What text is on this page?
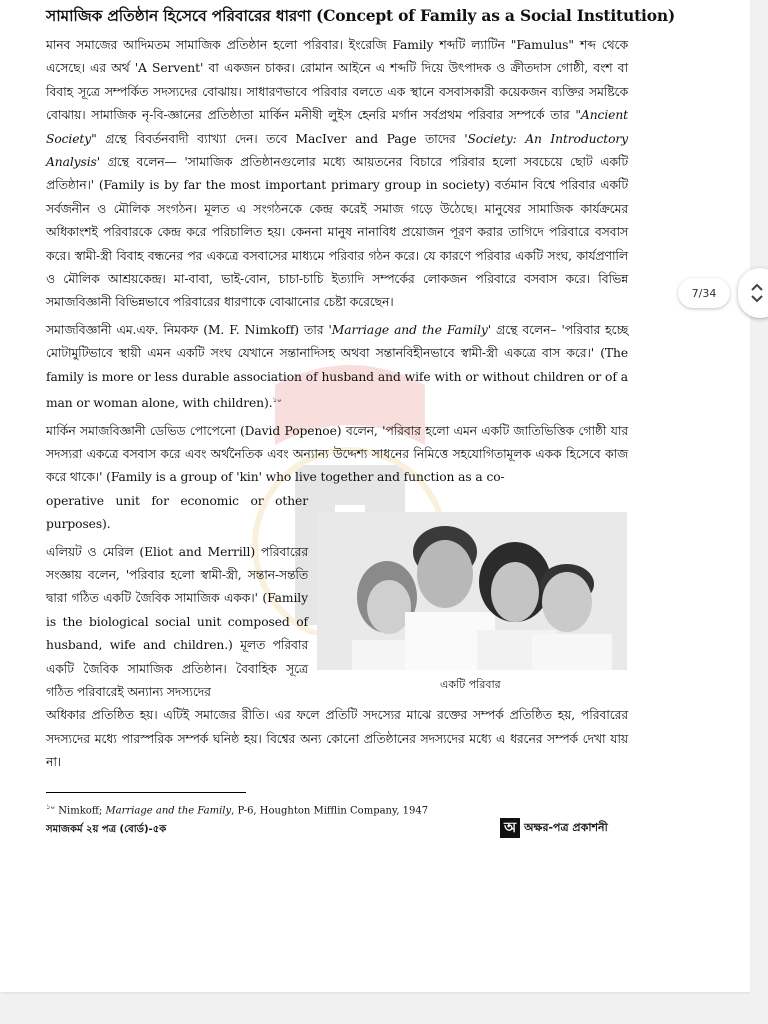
সামাজিক প্রতিষ্ঠান হিসেবে পরিবারের ধারণা (Concept of Family as a Social Institution)

মানব সমাজের আদিমতম সামাজিক প্রতিষ্ঠান হলো পরিবার। ইংরেজি Family শব্দটি ল্যাটিন "Famulus" শব্দ থেকে এসেছে। এর অর্থ 'A Servent' বা একজন চাকর। রোমান আইনে এ শব্দটি দিয়ে উৎপাদক ও ক্রীতদাস গোষ্ঠী, বংশ বা বিবাহ সূত্রে সম্পর্কিত সদস্যদের বোঝায়। সাধারণভাবে পরিবার বলতে এক স্থানে বসবাসকারী কয়েকজন ব্যক্তির সমষ্টিকে বোঝায়। সামাজিক নৃ-বি-জ্ঞানের প্রতিষ্ঠাতা মার্কিন মনীষী লুইস হেনরি মর্গান সর্বপ্রথম পরিবার সম্পর্কে তার "Ancient Society" গ্রন্থে বিবর্তনবাদী ব্যাখ্যা দেন। তবে MacIver and Page তাদের 'Society: An Introductory Analysis' গ্রন্থে বলেন— 'সামাজিক প্রতিষ্ঠানগুলোর মধ্যে আয়তনের বিচারে পরিবার হলো সবচেয়ে ছোট একটি প্রতিষ্ঠান।' (Family is by far the most important primary group in society) বর্তমান বিশ্বে পরিবার একটি সর্বজনীন ও মৌলিক সংগঠন। মূলত এ সংগঠনকে কেন্দ্র করেই সমাজ গড়ে উঠেছে। মানুষের সামাজিক কার্যক্রমের অধিকাংশই পরিবারকে কেন্দ্র করে পরিচালিত হয়। কেননা মানুষ নানাবিধ প্রয়োজন পূরণ করার তাগিদে পরিবারে বসবাস করে। স্বামী-স্ত্রী বিবাহ বন্ধনের পর একত্রে বসবাসের মাধ্যমে পরিবার গঠন করে। যে কারণে পরিবার একটি সংঘ, কার্যপ্রণালি ও মৌলিক আশ্রয়কেন্দ্র। মা-বাবা, ভাই-বোন, চাচা-চাচি ইত্যাদি সম্পর্কের লোকজন পরিবারে বসবাস করে। বিভিন্ন সমাজবিজ্ঞানী বিভিন্নভাবে পরিবারের ধারণাকে বোঝানোর চেষ্টা করেছেন।

সমাজবিজ্ঞানী এম.এফ. নিমকফ (M. F. Nimkoff) তার 'Marriage and the Family' গ্রন্থে বলেন– 'পরিবার হচ্ছে মোটামুটিভাবে স্থায়ী এমন একটি সংঘ যেখানে সন্তানাদিসহ অথবা সন্তানবিহীনভাবে স্বামী-স্ত্রী একত্রে বাস করে।' (The family is more or less durable association of husband and wife with or without children or of a man or woman alone, with children).$^{১০}$

মার্কিন সমাজবিজ্ঞানী ডেভিড পোপেনো (David Popenoe) বলেন, 'পরিবার হলো এমন একটি জাতিভিত্তিক গোষ্ঠী যার সদস্যরা একত্রে বসবাস করে এবং অর্থনৈতিক এবং অন্যান্য উদ্দেশ্য সাধনের নিমিত্তে সহযোগিতামূলক একক হিসেবে কাজ করে থাকে।' (Family is a group of 'kin' who live together and function as a co-

operative unit for economic or other purposes).

এলিয়ট ও মেরিল (Eliot and Merrill) পরিবারের সংজ্ঞায় বলেন, 'পরিবার হলো স্বামী-স্ত্রী, সন্তান-সন্ততি দ্বারা গঠিত একটি জৈবিক সামাজিক একক।' (Family is the biological social unit composed of husband, wife and children.) মূলত পরিবার একটি জৈবিক সামাজিক প্রতিষ্ঠান। বৈবাহিক সূত্রে গঠিত পরিবারেই অন্যান্য সদস্যদের

অধিকার প্রতিষ্ঠিত হয়। এটিই সমাজের রীতি। এর ফলে প্রতিটি সদস্যের মাঝে রক্তের সম্পর্ক প্রতিষ্ঠিত হয়, পরিবারের সদস্যদের মধ্যে পারস্পরিক সম্পর্ক ঘনিষ্ঠ হয়। বিশ্বের অন্য কোনো প্রতিষ্ঠানের সদস্যদের মধ্যে এ ধরনের সম্পর্ক দেখা যায় না।

একটি পরিবার
$^{১০}$ Nimkoff; Marriage and the Family, P-6, Houghton Mifflin Company, 1947
সমাজকর্ম ২য় পত্র (বোর্ড)-৫ক	অ অক্ষর-পত্র প্রকাশনী
7/34
